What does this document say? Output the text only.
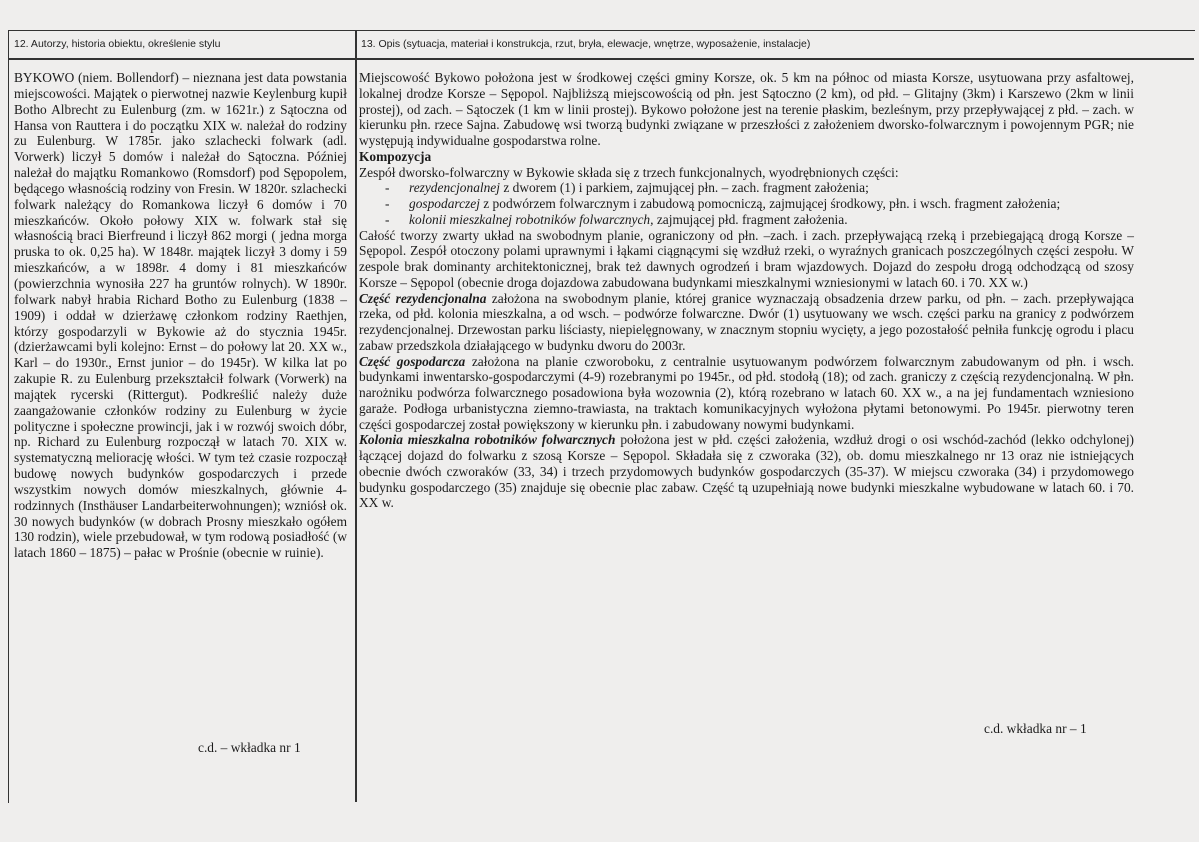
12. Autorzy, historia obiektu, określenie stylu	13. Opis (sytuacja, materiał i konstrukcja, rzut, bryła, elewacje, wnętrze, wyposażenie, instalacje)

BYKOWO (niem. Bollendorf) – nieznana jest data powstania miejscowości. Majątek o pierwotnej nazwie Keylenburg kupił Botho Albrecht zu Eulenburg (zm. w 1621r.) z Sątoczna od Hansa von Rauttera i do początku XIX w. należał do rodziny zu Eulenburg. W 1785r. jako szlachecki folwark (adl. Vorwerk) liczył 5 domów i należał do Sątoczna. Później należał do majątku Romankowo (Romsdorf) pod Sępopolem, będącego własnością rodziny von Fresin. W 1820r. szlachecki folwark należący do Romankowa liczył 6 domów i 70 mieszkańców. Około połowy XIX w. folwark stał się własnością braci Bierfreund i liczył 862 morgi ( jedna morga pruska to ok. 0,25 ha). W 1848r. majątek liczył 3 domy i 59 mieszkańców, a w 1898r. 4 domy i 81 mieszkańców (powierzchnia wynosiła 227 ha gruntów rolnych). W 1890r. folwark nabył hrabia Richard Botho zu Eulenburg (1838 – 1909) i oddał w dzierżawę członkom rodziny Raethjen, którzy gospodarzyli w Bykowie aż do stycznia 1945r.(dzierżawcami byli kolejno: Ernst – do połowy lat 20. XX w., Karl – do 1930r., Ernst junior – do 1945r). W kilka lat po zakupie R. zu Eulenburg przekształcił folwark (Vorwerk) na majątek rycerski (Rittergut). Podkreślić należy duże zaangażowanie członków rodziny zu Eulenburg w życie polityczne i społeczne prowincji, jak i w rozwój swoich dóbr, np. Richard zu Eulenburg rozpoczął w latach 70. XIX w. systematyczną meliorację włości. W tym też czasie rozpoczął budowę nowych budynków gospodarczych i przede wszystkim nowych domów mieszkalnych, głównie 4-rodzinnych (Insthäuser Landarbeiterwohnungen); wzniósł ok. 30 nowych budynków (w dobrach Prosny mieszkało ogółem 130 rodzin), wiele przebudował, w tym rodową posiadłość (w latach 1860 – 1875) – pałac w Prośnie (obecnie w ruinie).

c.d. – wkładka nr 1

Miejscowość Bykowo położona jest w środkowej części gminy Korsze, ok. 5 km na północ od miasta Korsze, usytuowana przy asfaltowej, lokalnej drodze Korsze – Sępopol. Najbliższą miejscowością od płn. jest Sątoczno (2 km), od płd. – Glitajny (3km) i Karszewo (2km w linii prostej), od zach. – Sątoczek (1 km w linii prostej). Bykowo położone jest na terenie płaskim, bezleśnym, przy przepływającej z płd. – zach. w kierunku płn. rzece Sajna. Zabudowę wsi tworzą budynki związane w przeszłości z założeniem dworsko-folwarcznym i powojennym PGR; nie występują indywidualne gospodarstwa rolne.

Kompozycja

Zespół dworsko-folwarczny w Bykowie składa się z trzech funkcjonalnych, wyodrębnionych części:

- rezydencjonalnej z dworem (1) i parkiem, zajmującej płn. – zach. fragment założenia;
- gospodarczej z podwórzem folwarcznym i zabudową pomocniczą, zajmującej środkowy, płn. i wsch. fragment założenia;
- kolonii mieszkalnej robotników folwarcznych, zajmującej płd. fragment założenia.

Całość tworzy zwarty układ na swobodnym planie, ograniczony od płn. –zach. i zach. przepływającą rzeką i przebiegającą drogą Korsze – Sępopol. Zespół otoczony polami uprawnymi i łąkami ciągnącymi się wzdłuż rzeki, o wyraźnych granicach poszczególnych części zespołu. W zespole brak dominanty architektonicznej, brak też dawnych ogrodzeń i bram wjazdowych. Dojazd do zespołu drogą odchodzącą od szosy Korsze – Sępopol (obecnie droga dojazdowa zabudowana budynkami mieszkalnymi wzniesionymi w latach 60. i 70. XX w.)

Część rezydencjonalna założona na swobodnym planie, której granice wyznaczają obsadzenia drzew parku, od płn. – zach. przepływająca rzeka, od płd. kolonia mieszkalna, a od wsch. – podwórze folwarczne. Dwór (1) usytuowany we wsch. części parku na granicy z podwórzem rezydencjonalnej. Drzewostan parku liściasty, niepielęgnowany, w znacznym stopniu wycięty, a jego pozostałość pełniła funkcję ogrodu i placu zabaw przedszkola działającego w budynku dworu do 2003r.

Część gospodarcza założona na planie czworoboku, z centralnie usytuowanym podwórzem folwarcznym zabudowanym od płn. i wsch. budynkami inwentarsko-gospodarczymi (4-9) rozebranymi po 1945r., od płd. stodołą (18); od zach. graniczy z częścią rezydencjonalną. W płn. narożniku podwórza folwarcznego posadowiona była wozownia (2), którą rozebrano w latach 60. XX w., a na jej fundamentach wzniesiono garaże. Podłoga urbanistyczna ziemno-trawiasta, na traktach komunikacyjnych wyłożona płytami betonowymi. Po 1945r. pierwotny teren części gospodarczej został powiększony w kierunku płn. i zabudowany nowymi budynkami.

Kolonia mieszkalna robotników folwarcznych położona jest w płd. części założenia, wzdłuż drogi o osi wschód-zachód (lekko odchylonej) łączącej dojazd do folwarku z szosą Korsze – Sępopol. Składała się z czworaka (32), ob. domu mieszkalnego nr 13 oraz nie istniejących obecnie dwóch czworaków (33, 34) i trzech przydomowych budynków gospodarczych (35-37). W miejscu czworaka (34) i przydomowego budynku gospodarczego (35) znajduje się obecnie plac zabaw. Część tą uzupełniają nowe budynki mieszkalne wybudowane w latach 60. i 70. XX w.

c.d. wkładka nr – 1
